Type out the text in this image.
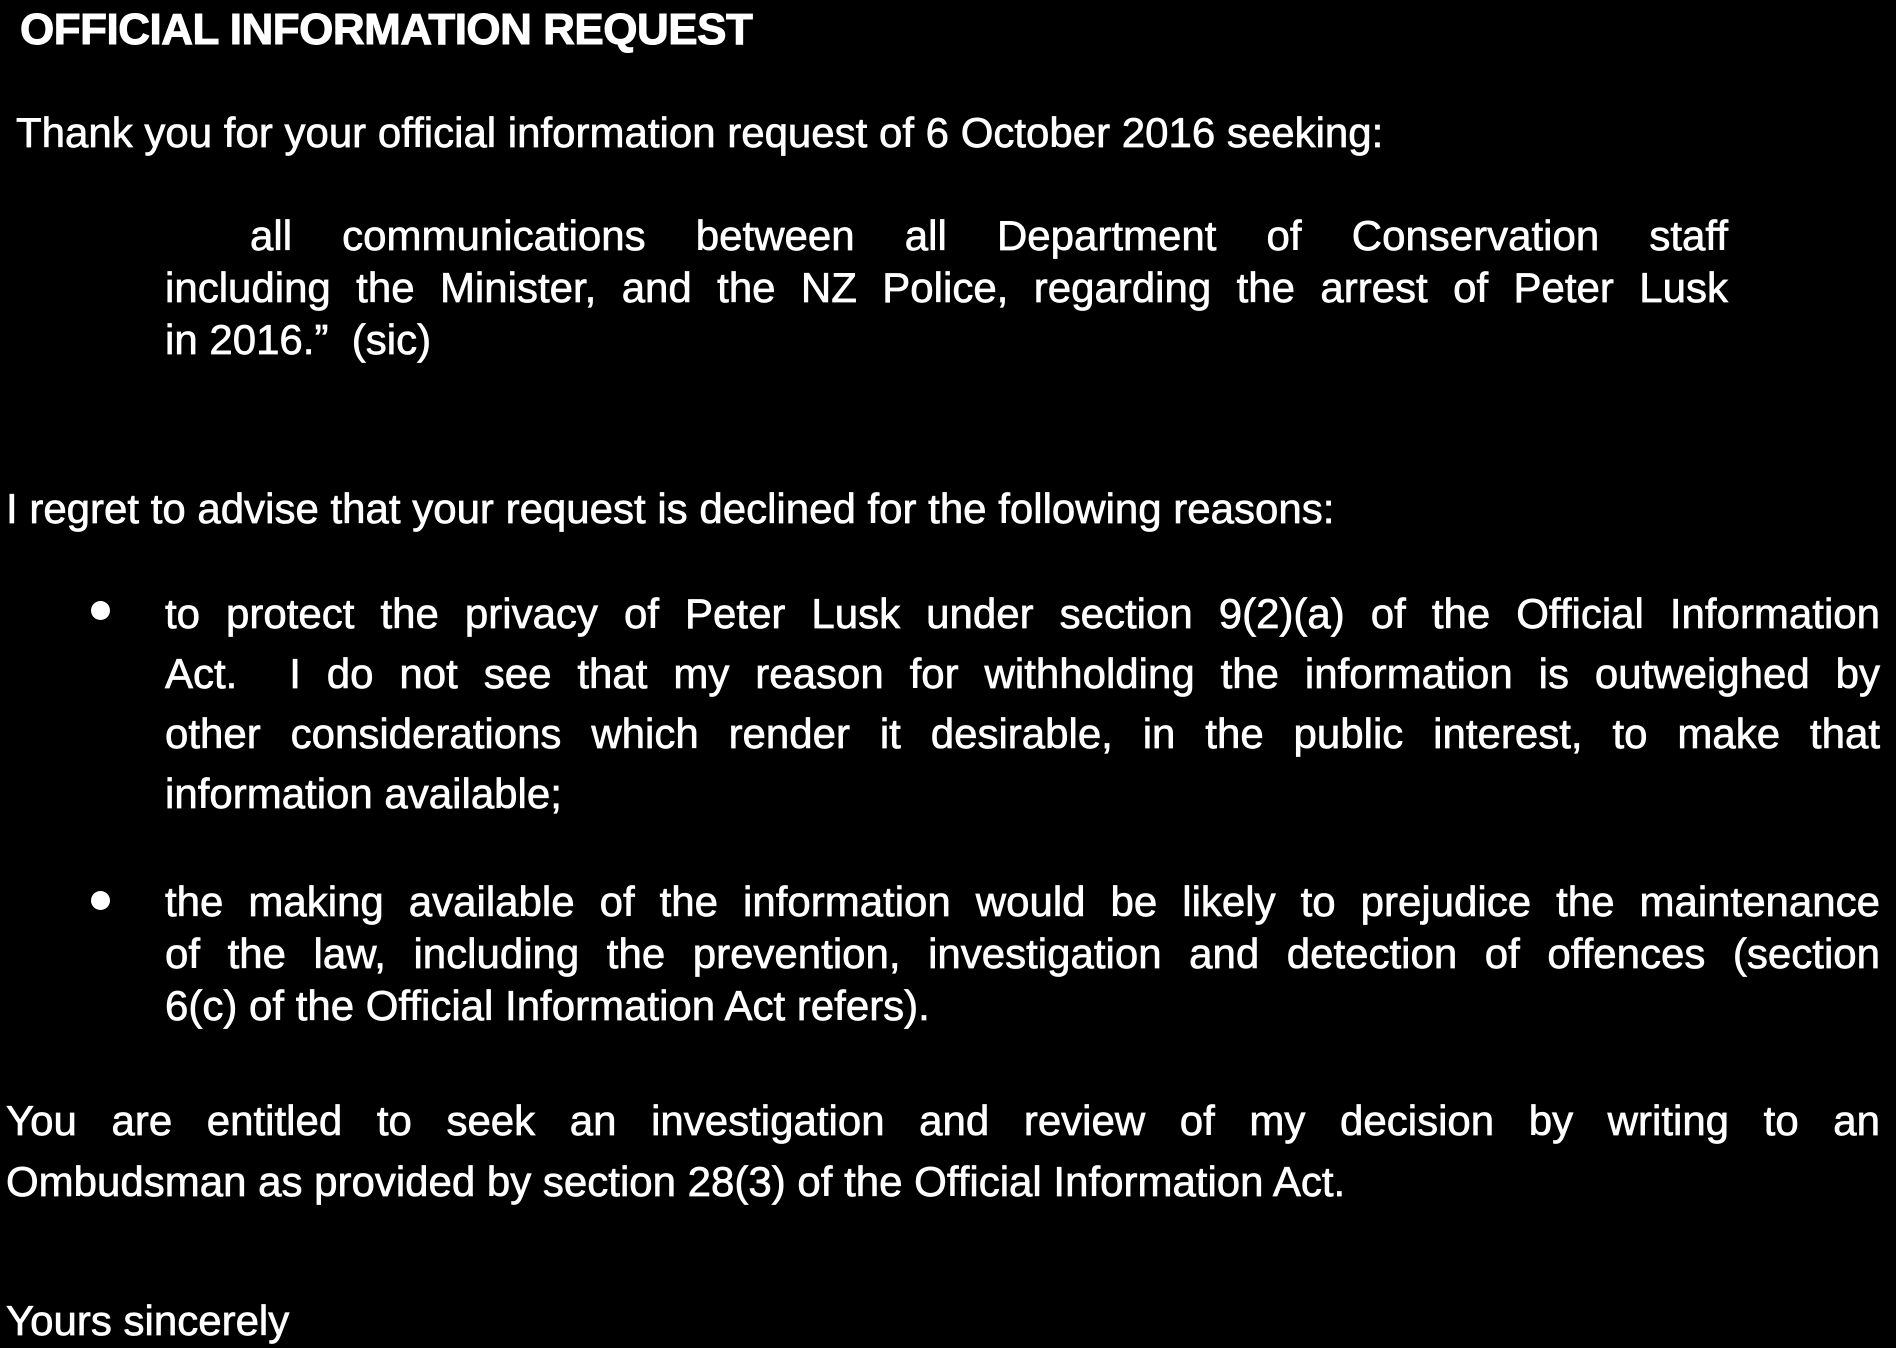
OFFICIAL INFORMATION REQUEST
Thank you for your official information request of 6 October 2016 seeking:
all communications between all Department of Conservation staff
including the Minister, and the NZ Police, regarding the arrest of Peter Lusk
in 2016.”  (sic)
I regret to advise that your request is declined for the following reasons:
to protect the privacy of Peter Lusk under section 9(2)(a) of the Official Information
Act.  I do not see that my reason for withholding the information is outweighed by
other considerations which render it desirable, in the public interest, to make that
information available;
the making available of the information would be likely to prejudice the maintenance
of the law, including the prevention, investigation and detection of offences (section
6(c) of the Official Information Act refers).
You are entitled to seek an investigation and review of my decision by writing to an
Ombudsman as provided by section 28(3) of the Official Information Act.
Yours sincerely
